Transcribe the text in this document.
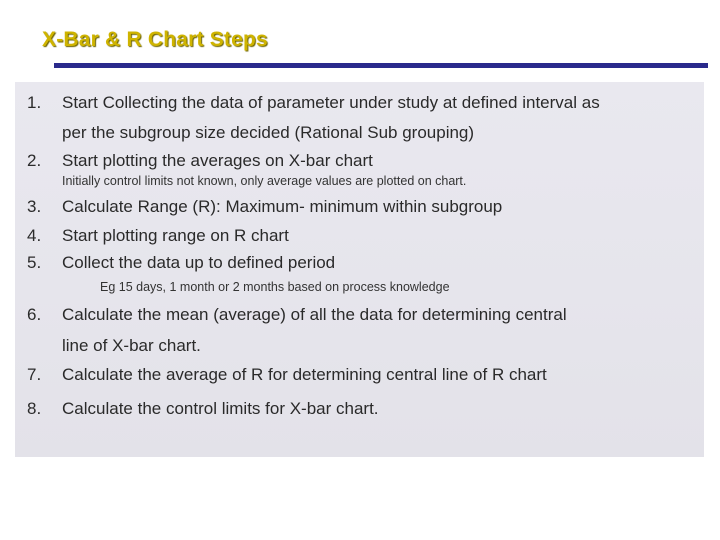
X-Bar & R Chart Steps
1. Start Collecting the data of parameter under study at defined interval as
per the subgroup size decided (Rational Sub grouping)
2. Start plotting the averages on X-bar chart
Initially control limits not known, only average values are plotted on chart.
3. Calculate Range (R): Maximum- minimum within subgroup
4. Start plotting range on R chart
5. Collect the data up to defined period
Eg 15 days, 1 month or 2 months based on process knowledge
6. Calculate the mean (average) of all the data for determining central
line of X-bar chart.
7. Calculate the average of R for determining central line of R chart
8. Calculate the control limits for X-bar chart.
